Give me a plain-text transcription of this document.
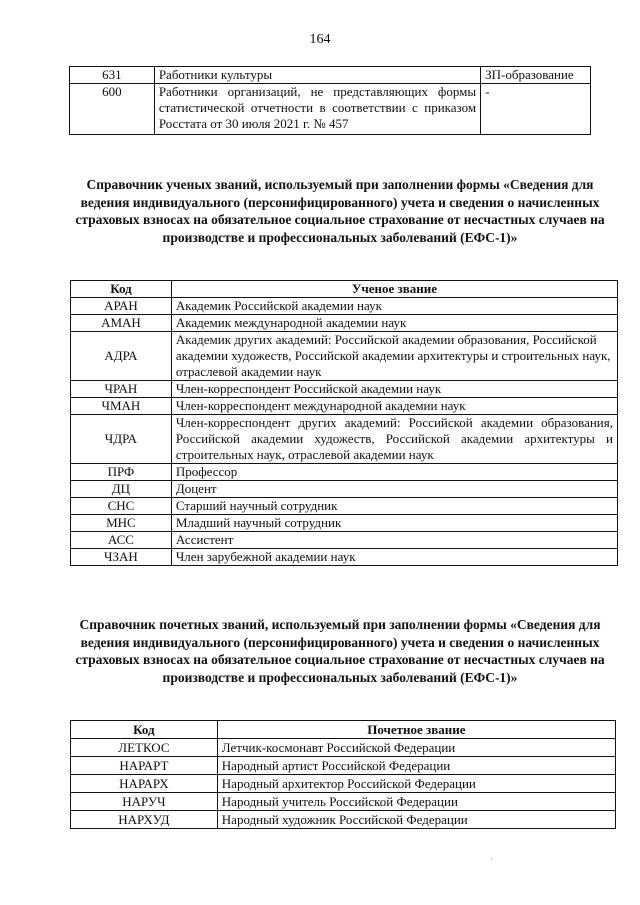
164
631	Работники культуры	ЗП-образование
600	Работники организаций, не представляющих формы статистической отчетности в соответствии с приказом Росстата от 30 июля 2021 г. № 457	-
Справочник ученых званий, используемый при заполнении формы «Сведения для ведения индивидуального (персонифицированного) учета и сведения о начисленных страховых взносах на обязательное социальное страхование от несчастных случаев на производстве и профессиональных заболеваний (ЕФС-1)»
Код	Ученое звание
АРАН	Академик Российской академии наук
АМАН	Академик международной академии наук
АДРА	Академик других академий: Российской академии образования, Российской академии художеств, Российской академии архитектуры и строительных наук, отраслевой академии наук
ЧРАН	Член-корреспондент Российской академии наук
ЧМАН	Член-корреспондент международной академии наук
ЧДРА	Член-корреспондент других академий: Российской академии образования, Российской академии художеств, Российской академии архитектуры и строительных наук, отраслевой академии наук
ПРФ	Профессор
ДЦ	Доцент
СНС	Старший научный сотрудник
МНС	Младший научный сотрудник
АСС	Ассистент
ЧЗАН	Член зарубежной академии наук
Справочник почетных званий, используемый при заполнении формы «Сведения для ведения индивидуального (персонифицированного) учета и сведения о начисленных страховых взносах на обязательное социальное страхование от несчастных случаев на производстве и профессиональных заболеваний (ЕФС-1)»
Код	Почетное звание
ЛЕТКОС	Летчик-космонавт Российской Федерации
НАРАРТ	Народный артист Российской Федерации
НАРАРХ	Народный архитектор Российской Федерации
НАРУЧ	Народный учитель Российской Федерации
НАРХУД	Народный художник Российской Федерации
·
